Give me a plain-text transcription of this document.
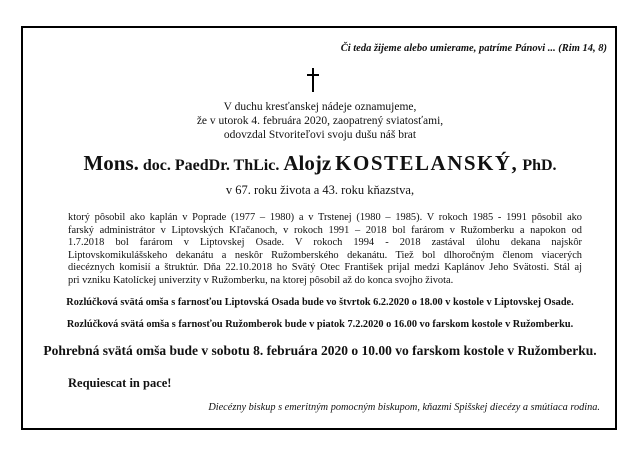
Či teda žijeme alebo umierame, patríme Pánovi ... (Rim 14, 8)
V duchu kresťanskej nádeje oznamujeme,
že v utorok 4. februára 2020, zaopatrený sviatosťami,
odovzdal Stvoriteľovi svoju dušu náš brat
Mons. doc. PaedDr. ThLic. Alojz KOSTELANSKÝ, PhD.
v 67. roku života a 43. roku kňazstva,
ktorý pôsobil ako kaplán v Poprade (1977 – 1980) a v Trstenej (1980 – 1985). V rokoch 1985 - 1991 pôsobil ako
farský administrátor v Liptovských Kľačanoch, v rokoch 1991 – 2018 bol farárom v Ružomberku a napokon od
1.7.2018 bol farárom v Liptovskej Osade. V rokoch 1994 - 2018 zastával úlohu dekana najskôr
Liptovskomikulášskeho dekanátu a neskôr Ružomberského dekanátu. Tiež bol dlhoročným členom viacerých
diecéznych komisií a štruktúr. Dňa 22.10.2018 ho Svätý Otec František prijal medzi Kaplánov Jeho Svätosti. Stál aj
pri vzniku Katolíckej univerzity v Ružomberku, na ktorej pôsobil až do konca svojho života.
Rozlúčková svätá omša s farnosťou Liptovská Osada bude vo štvrtok 6.2.2020 o 18.00 v kostole v Liptovskej Osade.
Rozlúčková svätá omša s farnosťou Ružomberok bude v piatok 7.2.2020 o 16.00 vo farskom kostole v Ružomberku.
Pohrebná svätá omša bude v sobotu 8. februára 2020 o 10.00 vo farskom kostole v Ružomberku.
Requiescat in pace!
Diecézny biskup s emeritným pomocným biskupom, kňazmi Spišskej diecézy a smútiaca rodina.
